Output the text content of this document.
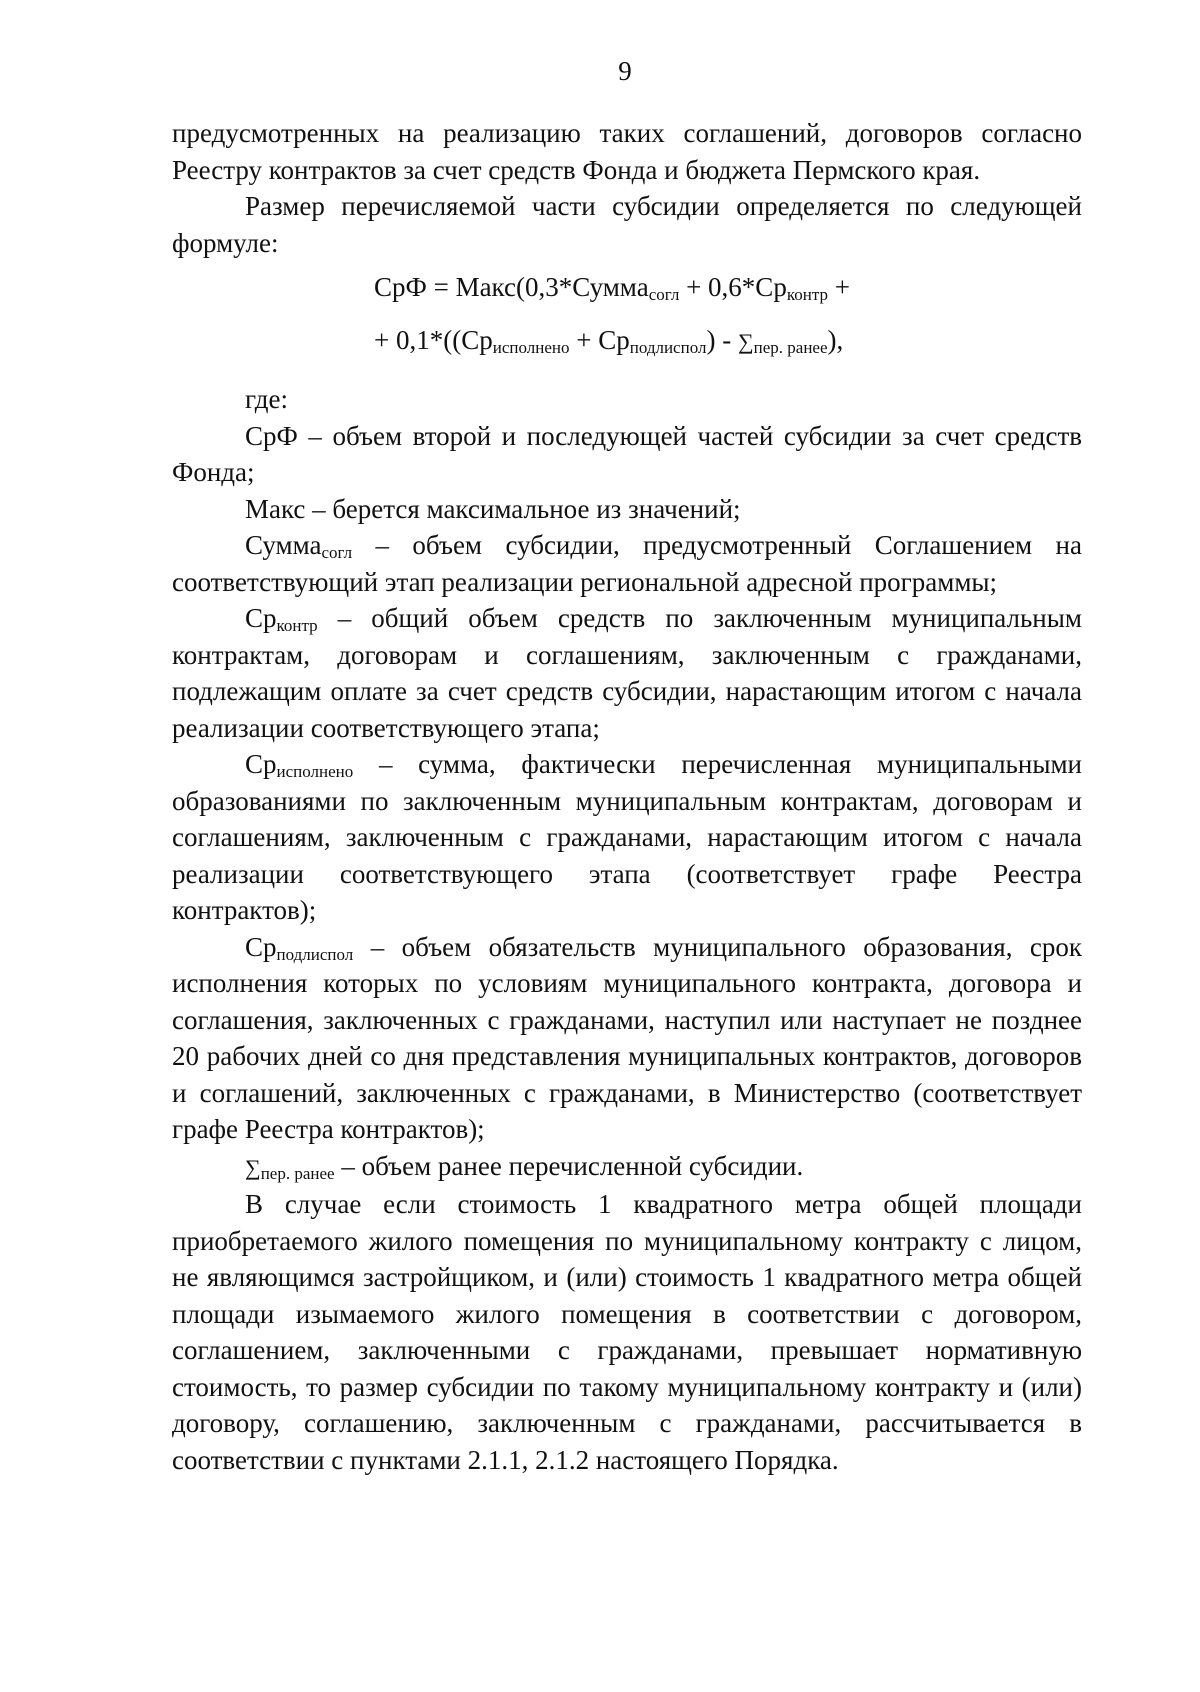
9

предусмотренных на реализацию таких соглашений, договоров согласно Реестру контрактов за счет средств Фонда и бюджета Пермского края.

Размер перечисляемой части субсидии определяется по следующей формуле:

СрФ = Макс(0,3*Сумма$_{согл}$ + $0,6*Ср_{контр}$ +
+ $0,1*((Ср_{исполнено} + Ср_{подлиспол}) - \sum_{пер. ранее})$,

где:

СрФ – объем второй и последующей частей субсидии за счет средств Фонда;

Макс – берется максимальное из значений;

Сумма$_{согл}$ – объем субсидии, предусмотренный Соглашением на соответствующий этап реализации региональной адресной программы;

$Ср_{контр}$ – общий объем средств по заключенным муниципальным контрактам, договорам и соглашениям, заключенным с гражданами, подлежащим оплате за счет средств субсидии, нарастающим итогом с начала реализации соответствующего этапа;

$Ср_{исполнено}$ – сумма, фактически перечисленная муниципальными образованиями по заключенным муниципальным контрактам, договорам и соглашениям, заключенным с гражданами, нарастающим итогом с начала реализации соответствующего этапа (соответствует графе Реестра контрактов);

$Ср_{подлиспол}$ – объем обязательств муниципального образования, срок исполнения которых по условиям муниципального контракта, договора и соглашения, заключенных с гражданами, наступил или наступает не позднее 20 рабочих дней со дня представления муниципальных контрактов, договоров и соглашений, заключенных с гражданами, в Министерство (соответствует графе Реестра контрактов);

$\sum_{пер. ранее}$ – объем ранее перечисленной субсидии.

В случае если стоимость 1 квадратного метра общей площади приобретаемого жилого помещения по муниципальному контракту с лицом, не являющимся застройщиком, и (или) стоимость 1 квадратного метра общей площади изымаемого жилого помещения в соответствии с договором, соглашением, заключенными с гражданами, превышает нормативную стоимость, то размер субсидии по такому муниципальному контракту и (или) договору, соглашению, заключенным с гражданами, рассчитывается в соответствии с пунктами 2.1.1, 2.1.2 настоящего Порядка.
